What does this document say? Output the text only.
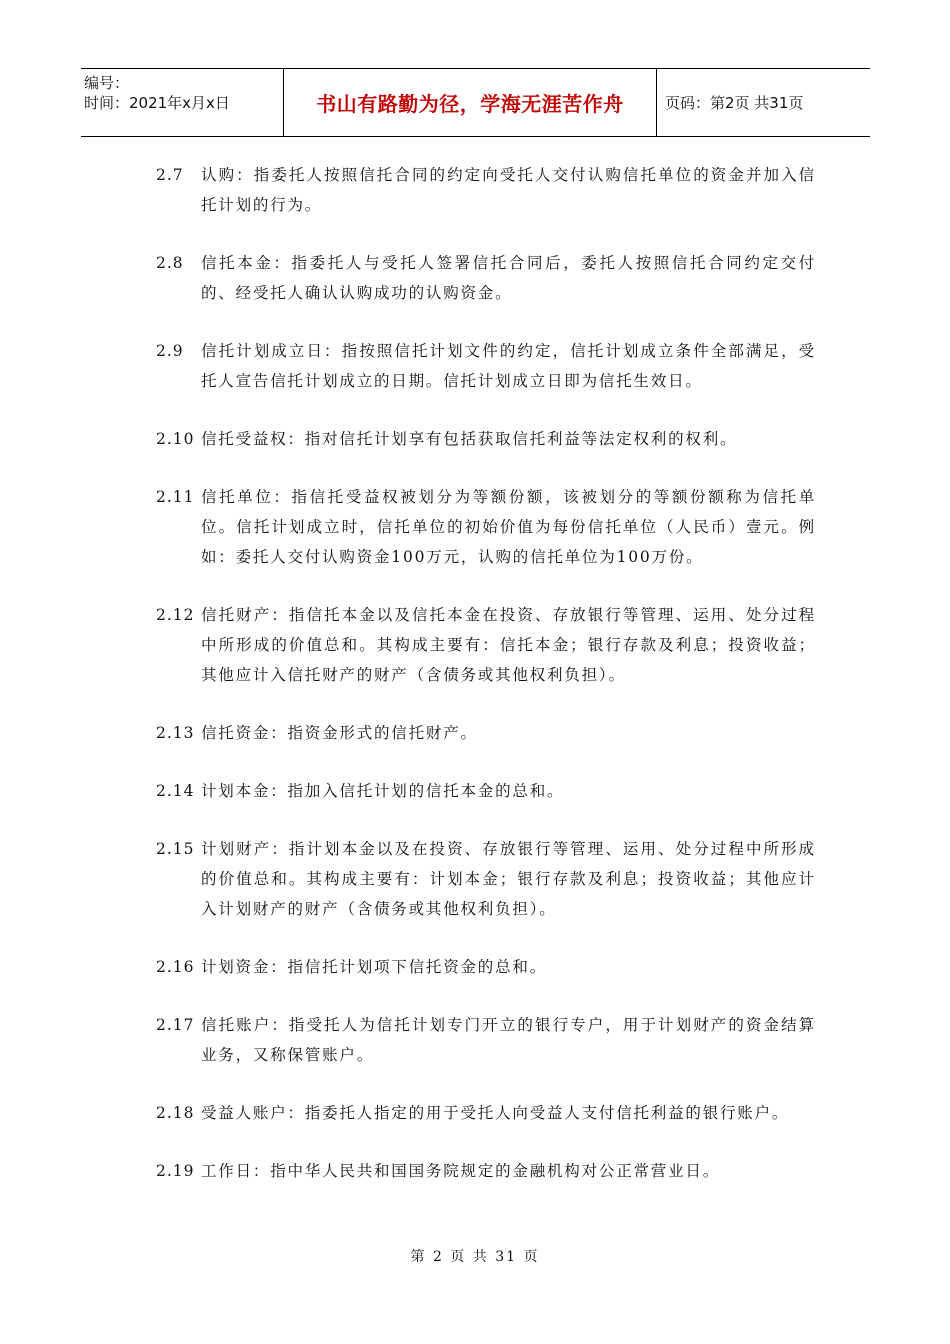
编号：
时间：2021年x月x日	书山有路勤为径，学海无涯苦作舟	页码：第2页 共31页
2.7	认购：指委托人按照信托合同的约定向受托人交付认购信托单位的资金并加入信托计划的行为。
2.8	信托本金：指委托人与受托人签署信托合同后，委托人按照信托合同约定交付的、经受托人确认认购成功的认购资金。
2.9	信托计划成立日：指按照信托计划文件的约定，信托计划成立条件全部满足，受托人宣告信托计划成立的日期。信托计划成立日即为信托生效日。
2.10 信托受益权：指对信托计划享有包括获取信托利益等法定权利的权利。
2.11 信托单位：指信托受益权被划分为等额份额，该被划分的等额份额称为信托单位。信托计划成立时，信托单位的初始价值为每份信托单位（人民币）壹元。例如：委托人交付认购资金100万元，认购的信托单位为100万份。
2.12 信托财产：指信托本金以及信托本金在投资、存放银行等管理、运用、处分过程中所形成的价值总和。其构成主要有：信托本金；银行存款及利息；投资收益；其他应计入信托财产的财产（含债务或其他权利负担）。
2.13 信托资金：指资金形式的信托财产。
2.14 计划本金：指加入信托计划的信托本金的总和。
2.15 计划财产：指计划本金以及在投资、存放银行等管理、运用、处分过程中所形成的价值总和。其构成主要有：计划本金；银行存款及利息；投资收益；其他应计入计划财产的财产（含债务或其他权利负担）。
2.16 计划资金：指信托计划项下信托资金的总和。
2.17 信托账户：指受托人为信托计划专门开立的银行专户，用于计划财产的资金结算业务，又称保管账户。
2.18 受益人账户：指委托人指定的用于受托人向受益人支付信托利益的银行账户。
2.19 工作日：指中华人民共和国国务院规定的金融机构对公正常营业日。
第 2 页 共 31 页
